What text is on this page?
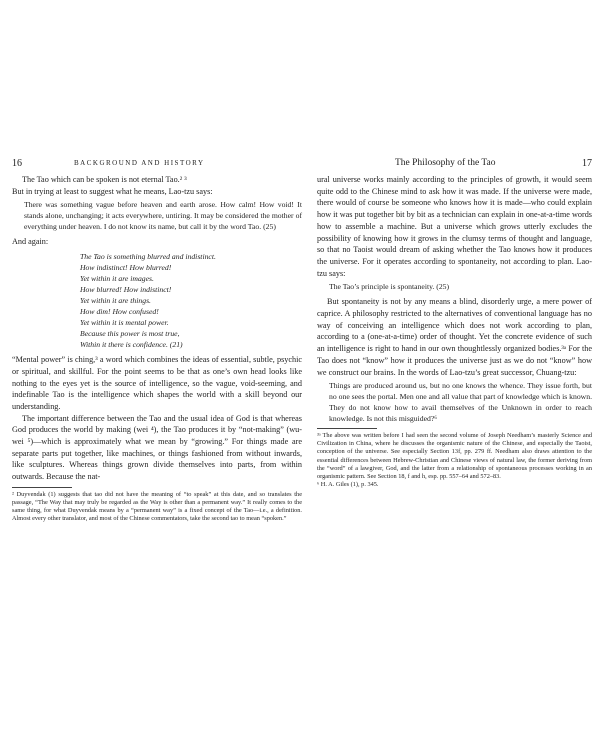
16	BACKGROUND AND HISTORY

The Tao which can be spoken is not eternal Tao.² ³

But in trying at least to suggest what he means, Lao-tzu says:

There was something vague before heaven and earth arose. How calm! How void! It stands alone, unchanging; it acts everywhere, untiring. It may be considered the mother of everything under heaven. I do not know its name, but call it by the word Tao. (25)

And again:

The Tao is something blurred and indistinct.
How indistinct! How blurred!
Yet within it are images.
How blurred! How indistinct!
Yet within it are things.
How dim! How confused!
Yet within it is mental power.
Because this power is most true,
Within it there is confidence. (21)

“Mental power” is ching,³ a word which combines the ideas of essential, subtle, psychic or spiritual, and skillful. For the point seems to be that as one’s own head looks like nothing to the eyes yet is the source of intelligence, so the vague, void-seeming, and indefinable Tao is the intelligence which shapes the world with a skill beyond our understanding.

The important difference between the Tao and the usual idea of God is that whereas God produces the world by making (wei ⁴), the Tao produces it by “not-making” (wu-wei ⁵)—which is approximately what we mean by “growing.” For things made are separate parts put together, like machines, or things fashioned from without inwards, like sculptures. Whereas things grown divide themselves into parts, from within outwards. Because the nat-

² Duyvendak (1) suggests that tao did not have the meaning of “to speak” at this date, and so translates the passage, “The Way that may truly be regarded as the Way is other than a permanent way.” It really comes to the same thing, for what Duyvendak means by a “permanent way” is a fixed concept of the Tao—i.e., a definition. Almost every other translator, and most of the Chinese commentators, take the second tao to mean “spoken.”

The Philosophy of the Tao	17

ural universe works mainly according to the principles of growth, it would seem quite odd to the Chinese mind to ask how it was made. If the universe were made, there would of course be someone who knows how it is made—who could explain how it was put together bit by bit as a technician can explain in one-at-a-time words how to assemble a machine. But a universe which grows utterly excludes the possibility of knowing how it grows in the clumsy terms of thought and language, so that no Taoist would dream of asking whether the Tao knows how it produces the universe. For it operates according to spontaneity, not according to plan. Lao-tzu says:

The Tao’s principle is spontaneity. (25)

But spontaneity is not by any means a blind, disorderly urge, a mere power of caprice. A philosophy restricted to the alternatives of conventional language has no way of conceiving an intelligence which does not work according to plan, according to a (one-at-a-time) order of thought. Yet the concrete evidence of such an intelligence is right to hand in our own thoughtlessly organized bodies.³ᵃ For the Tao does not “know” how it produces the universe just as we do not “know” how we construct our brains. In the words of Lao-tzu’s great successor, Chuang-tzu:

Things are produced around us, but no one knows the whence. They issue forth, but no one sees the portal. Men one and all value that part of knowledge which is known. They do not know how to avail themselves of the Unknown in order to reach knowledge. Is not this misguided?⁶

³ᵃ The above was written before I had seen the second volume of Joseph Needham’s masterly Science and Civilization in China, where he discusses the organismic nature of the Chinese, and especially the Taoist, conception of the universe. See especially Section 13f, pp. 279 ff. Needham also draws attention to the essential differences between Hebrew-Christian and Chinese views of natural law, the former deriving from the “word” of a lawgiver, God, and the latter from a relationship of spontaneous processes working in an organismic pattern. See Section 18, f and h, esp. pp. 557–64 and 572–83.

⁶ H. A. Giles (1), p. 345.
